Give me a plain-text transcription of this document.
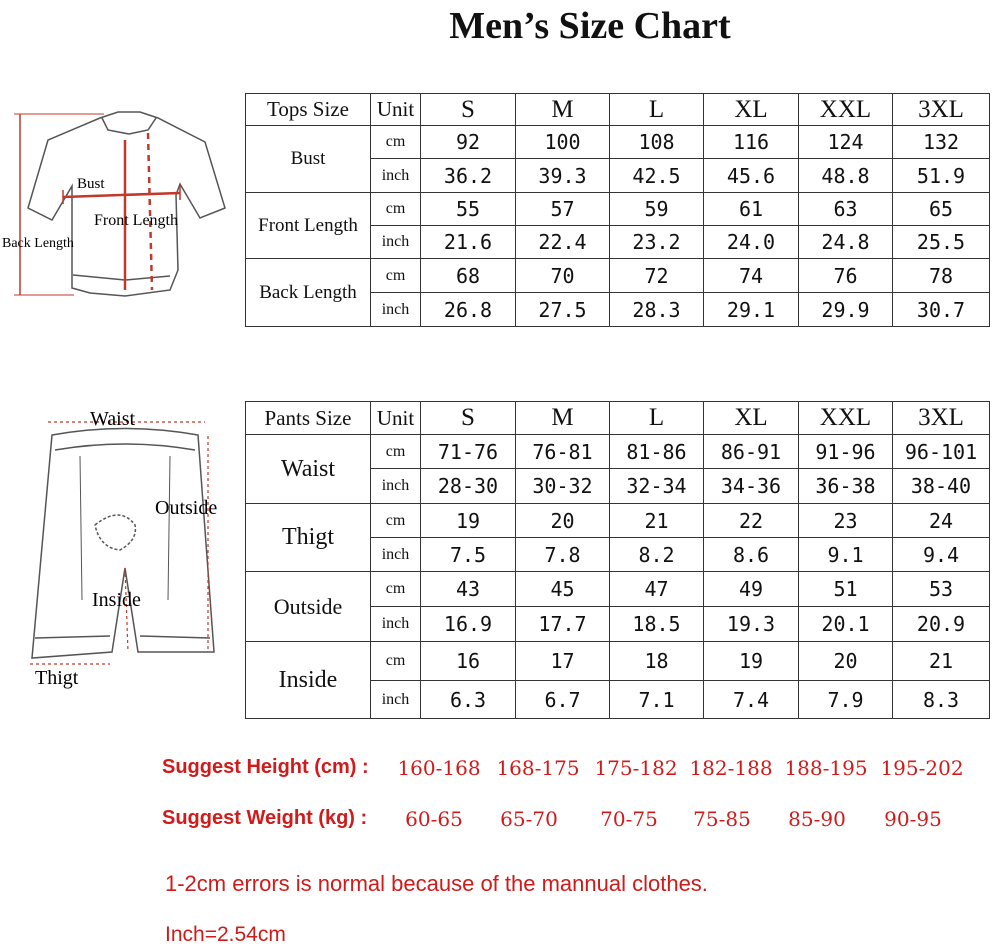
Men’s Size Chart
Bust
Front Length
Back Length
Waist
Outside
Inside
Thigt
Tops Size	Unit	S	M	L	XL	XXL	3XL
Bust	cm	92	100	108	116	124	132
	inch	36.2	39.3	42.5	45.6	48.8	51.9
Front Length	cm	55	57	59	61	63	65
	inch	21.6	22.4	23.2	24.0	24.8	25.5
Back Length	cm	68	70	72	74	76	78
	inch	26.8	27.5	28.3	29.1	29.9	30.7
Pants Size	Unit	S	M	L	XL	XXL	3XL
Waist	cm	71-76	76-81	81-86	86-91	91-96	96-101
	inch	28-30	30-32	32-34	34-36	36-38	38-40
Thigt	cm	19	20	21	22	23	24
	inch	7.5	7.8	8.2	8.6	9.1	9.4
Outside	cm	43	45	47	49	51	53
	inch	16.9	17.7	18.5	19.3	20.1	20.9
Inside	cm	16	17	18	19	20	21
	inch	6.3	6.7	7.1	7.4	7.9	8.3
Suggest Height (cm) : 160-168 168-175 175-182 182-188 188-195 195-202
Suggest Weight (kg) :	60-65	65-70	70-75	75-85	85-90	90-95
1-2cm errors is normal because of the mannual clothes.
Inch=2.54cm
